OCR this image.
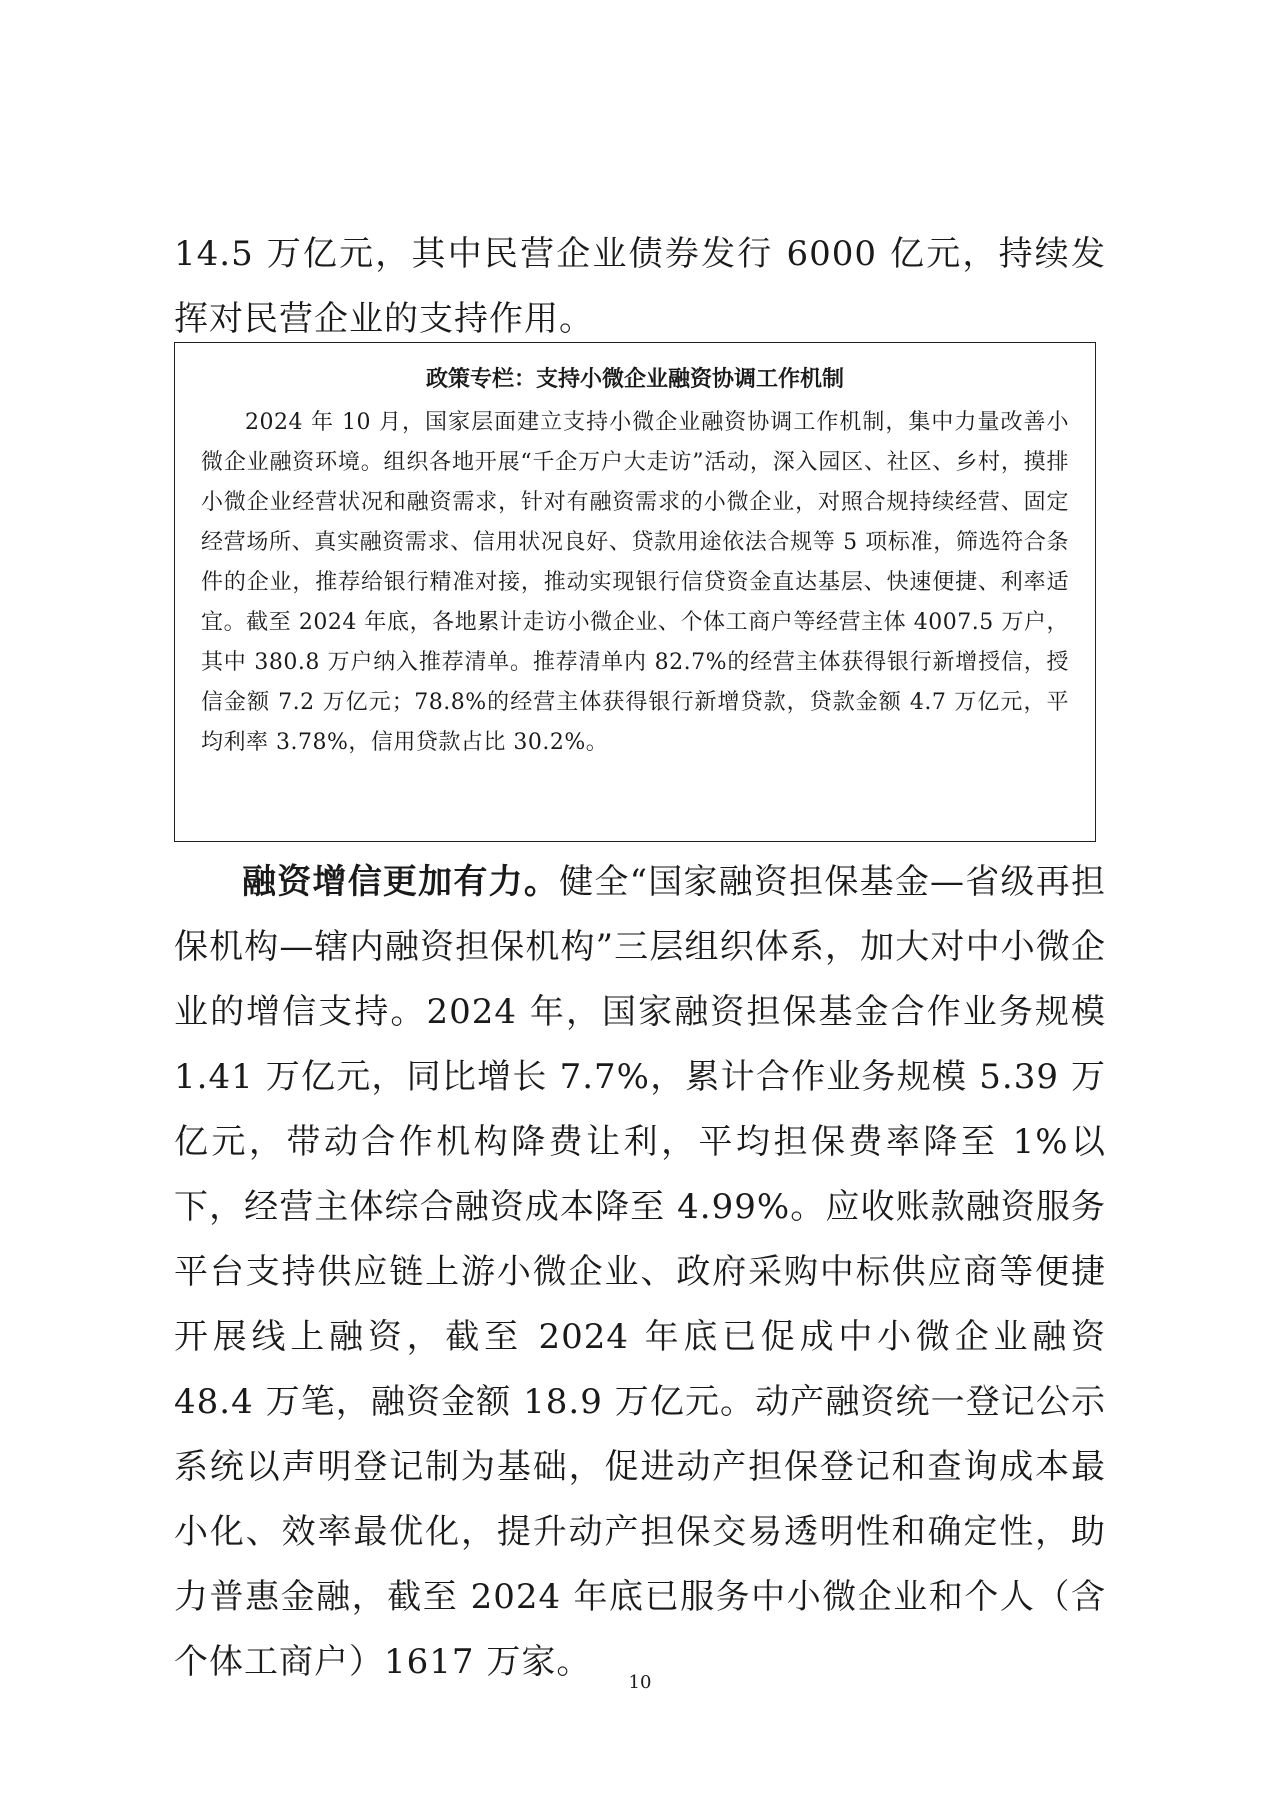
14.5 万亿元，其中民营企业债券发行 6000 亿元，持续发挥对民营企业的支持作用。

政策专栏：支持小微企业融资协调工作机制

2024 年 10 月，国家层面建立支持小微企业融资协调工作机制，集中力量改善小微企业融资环境。组织各地开展“千企万户大走访”活动，深入园区、社区、乡村，摸排小微企业经营状况和融资需求，针对有融资需求的小微企业，对照合规持续经营、固定经营场所、真实融资需求、信用状况良好、贷款用途依法合规等 5 项标准，筛选符合条件的企业，推荐给银行精准对接，推动实现银行信贷资金直达基层、快速便捷、利率适宜。截至 2024 年底，各地累计走访小微企业、个体工商户等经营主体 4007.5 万户，其中 380.8 万户纳入推荐清单。推荐清单内 82.7%的经营主体获得银行新增授信，授信金额 7.2 万亿元；78.8%的经营主体获得银行新增贷款，贷款金额 4.7 万亿元，平均利率 3.78%，信用贷款占比 30.2%。

融资增信更加有力。健全“国家融资担保基金—省级再担保机构—辖内融资担保机构”三层组织体系，加大对中小微企业的增信支持。2024 年，国家融资担保基金合作业务规模 1.41 万亿元，同比增长 7.7%，累计合作业务规模 5.39 万亿元，带动合作机构降费让利，平均担保费率降至 1%以下，经营主体综合融资成本降至 4.99%。应收账款融资服务平台支持供应链上游小微企业、政府采购中标供应商等便捷开展线上融资，截至 2024 年底已促成中小微企业融资 48.4 万笔，融资金额 18.9 万亿元。动产融资统一登记公示系统以声明登记制为基础，促进动产担保登记和查询成本最小化、效率最优化，提升动产担保交易透明性和确定性，助力普惠金融，截至 2024 年底已服务中小微企业和个人（含个体工商户）1617 万家。

10
